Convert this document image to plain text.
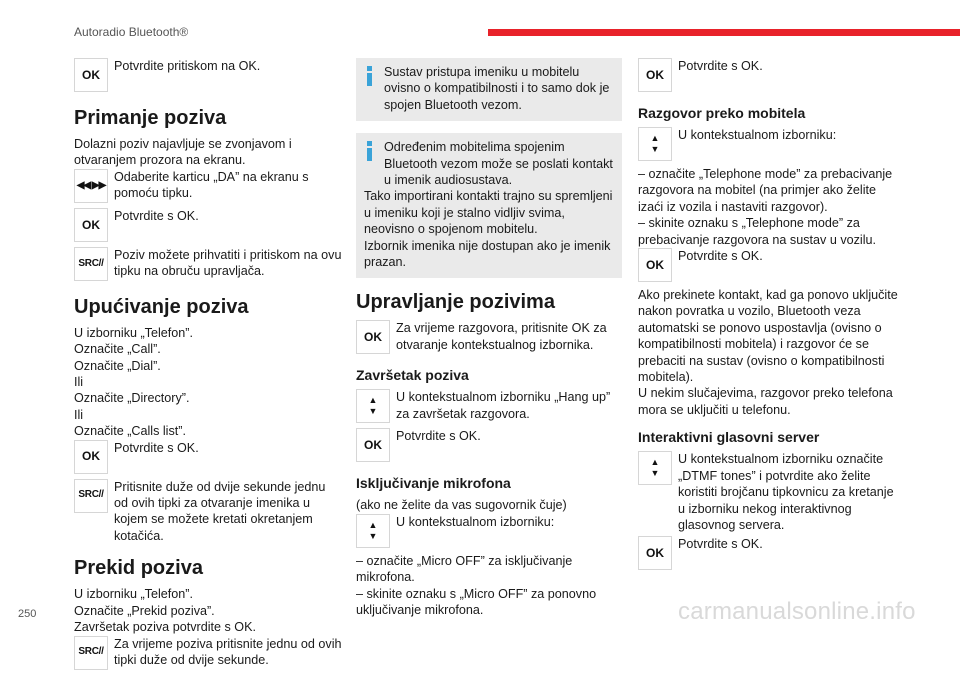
Autoradio Bluetooth®
OK

Potvrdite pritiskom na OK.

Primanje poziva

Dolazni poziv najavljuje se zvonjavom i otvaranjem prozora na ekranu.

◀◀ ▶▶

Odaberite karticu „DA” na ekranu s pomoću tipku.

OK

Potvrdite s OK.

SRC//

Poziv možete prihvatiti i pritiskom na ovu tipku na obruču upravljača.

Upućivanje poziva

U izborniku „Telefon”.

Označite „Call”.

Označite „Dial”.

Ili

Označite „Directory”.

Ili

Označite „Calls list”.

OK

Potvrdite s OK.

SRC//

Pritisnite duže od dvije sekunde jednu od ovih tipki za otvaranje imenika u kojem se možete kretati okretanjem kotačića.

Prekid poziva

U izborniku „Telefon”.

Označite „Prekid poziva”.

Završetak poziva potvrdite s OK.

SRC//

Za vrijeme poziva pritisnite jednu od ovih tipki duže od dvije sekunde.

Sustav pristupa imeniku u mobitelu ovisno o kompatibilnosti i to samo dok je spojen Bluetooth vezom.

Određenim mobitelima spojenim Bluetooth vezom može se poslati kontakt u imenik audiosustava.

Tako importirani kontakti trajno su spremljeni u imeniku koji je stalno vidljiv svima, neovisno o spojenom mobitelu.

Izbornik imenika nije dostupan ako je imenik prazan.

Upravljanje pozivima
OK

Za vrijeme razgovora, pritisnite OK za otvaranje kontekstualnog izbornika.

Završetak poziva
▲
▼

U kontekstualnom izborniku „Hang up” za završetak razgovora.

OK

Potvrdite s OK.

Isključivanje mikrofona

(ako ne želite da vas sugovornik čuje)

▲
▼

U kontekstualnom izborniku:

– označite „Micro OFF” za isključivanje mikrofona.

– skinite oznaku s „Micro OFF” za ponovno uključivanje mikrofona.

OK

Potvrdite s OK.

Razgovor preko mobitela
▲
▼

U kontekstualnom izborniku:

– označite „Telephone mode” za prebacivanje razgovora na mobitel (na primjer ako želite izaći iz vozila i nastaviti razgovor).

– skinite oznaku s „Telephone mode” za prebacivanje razgovora na sustav u vozilu.

OK

Potvrdite s OK.

Ako prekinete kontakt, kad ga ponovo uključite nakon povratka u vozilo, Bluetooth veza automatski se ponovo uspostavlja (ovisno o kompatibilnosti mobitela) i razgovor će se prebaciti na sustav (ovisno o kompatibilnosti mobitela).

U nekim slučajevima, razgovor preko telefona mora se uključiti u telefonu.

Interaktivni glasovni server
▲
▼

U kontekstualnom izborniku označite „DTMF tones” i potvrdite ako želite koristiti brojčanu tipkovnicu za kretanje u izborniku nekog interaktivnog glasovnog servera.

OK

Potvrdite s OK.

250	carmanualsonline.info
